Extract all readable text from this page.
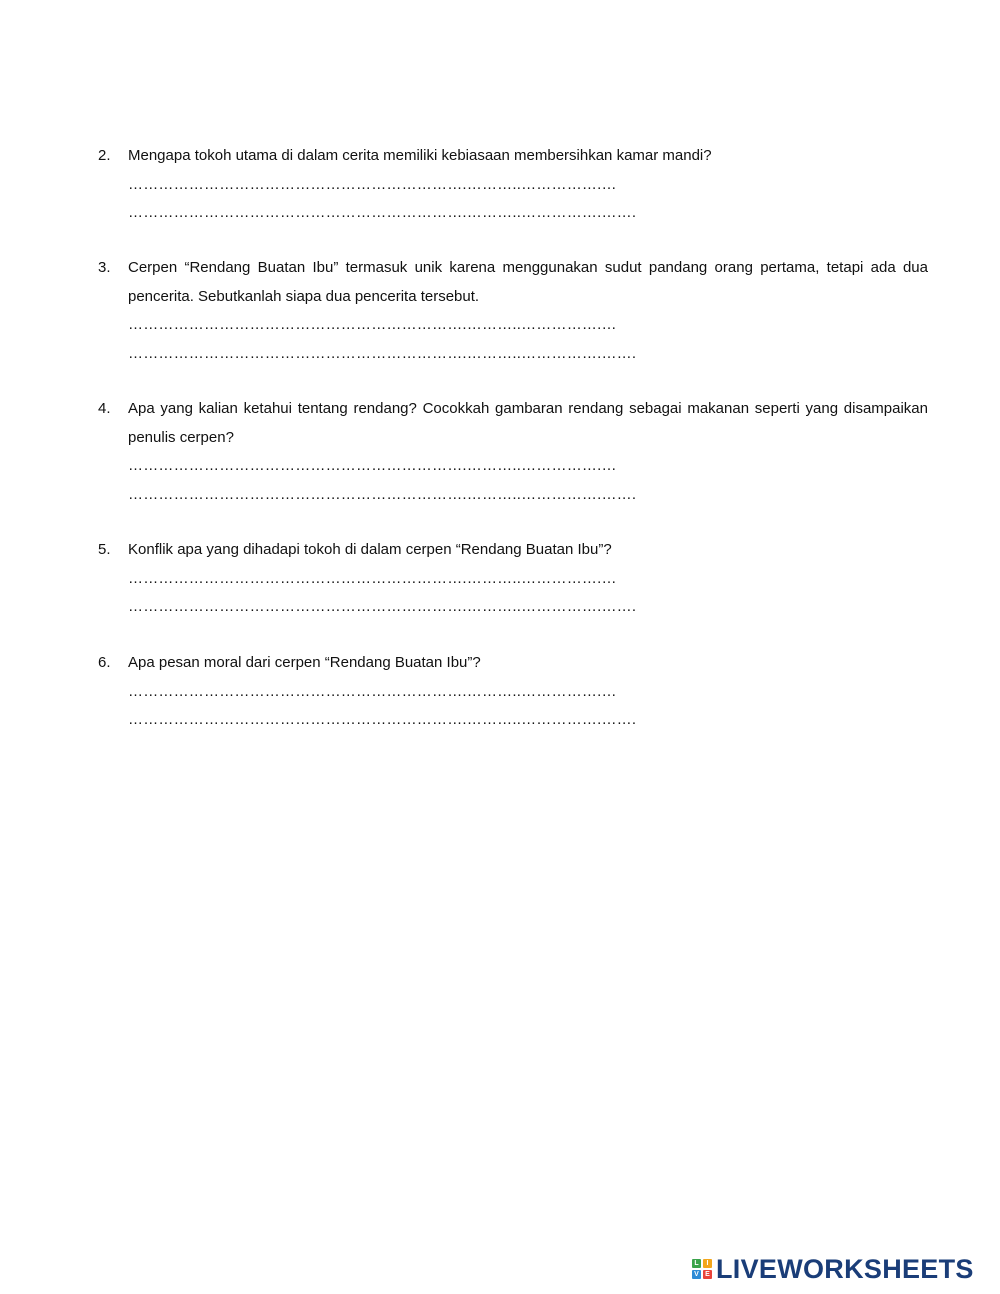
2.	Mengapa tokoh utama di dalam cerita memiliki kebiasaan membersihkan kamar mandi?
………………………………………………………….………..…………….…
………………………………………………………….………..…………….…….
3.	Cerpen “Rendang Buatan Ibu” termasuk unik karena menggunakan sudut pandang orang pertama, tetapi ada dua pencerita. Sebutkanlah siapa dua pencerita tersebut.
………………………………………………………….………..…………….…
………………………………………………………….………..…………….…….
4.	Apa yang kalian ketahui tentang rendang? Cocokkah gambaran rendang sebagai makanan seperti yang disampaikan penulis cerpen?
………………………………………………………….………..…………….…
………………………………………………………….………..…………….…….
5.	Konflik apa yang dihadapi tokoh di dalam cerpen “Rendang Buatan Ibu”?
………………………………………………………….………..…………….…
………………………………………………………….………..…………….…….
6.	Apa pesan moral dari cerpen “Rendang Buatan Ibu”?
………………………………………………………….………..…………….…
………………………………………………………….………..…………….…….
L	I
V E LIVEWORKSHEETS
